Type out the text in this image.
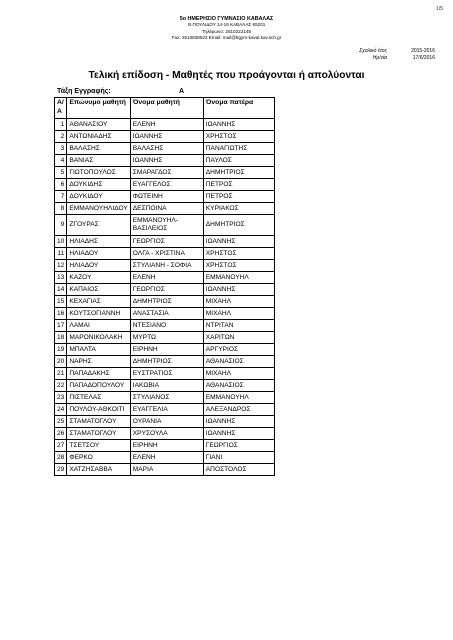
1/5
5ο ΗΜΕΡΗΣΙΟ ΓΥΜΝΑΣΙΟ ΚΑΒΑΛΑΣ
Θ.ΠΟΥΛΙΔΟΥ 14-16 ΚΑΒΑΛΑΣ 65201
Τηλέφωνο: 2510222148
Fax: 2510838622 Email: mail@5gym-kaval.kav.sch.gr
Σχολικό έτος	2015-2016
Ημ/νία	17/6/2016
Τελική επίδοση - Μαθητές που προάγονται ή απολύονται
Τάξη Εγγραφής:	A
Α/Α	Επώνυμο μαθητή	Όνομα μαθητή	Όνομα πατέρα
1	ΑΘΑΝΑΣΙΟΥ	ΕΛΕΝΗ	ΙΩΑΝΝΗΣ
2	ΑΝΤΩΝΙΑΔΗΣ	ΙΩΑΝΝΗΣ	ΧΡΗΣΤΟΣ
3	ΒΑΛΑΣΗΣ	ΒΑΛΑΣΗΣ	ΠΑΝΑΓΙΩΤΗΣ
4	ΒΑΝΙΑΣ	ΙΩΑΝΝΗΣ	ΠΑΥΛΟΣ
5	ΓΙΩΤΟΠΟΥΛΟΣ	ΣΜΑΡΑΓΔΟΣ	ΔΗΜΗΤΡΙΟΣ
6	ΔΟΥΚΙΔΗΣ	ΕΥΑΓΓΕΛΟΣ	ΠΕΤΡΟΣ
7	ΔΟΥΚΙΔΟΥ	ΦΩΤΕΙΝΗ	ΠΕΤΡΟΣ
8	ΕΜΜΑΝΟΥΗΛΙΔΟΥ	ΔΕΣΠΟΙΝΑ	ΚΥΡΙΑΚΟΣ
9	ΖΓΟΥΡΑΣ	ΕΜΜΑΝΟΥΗΛ-ΒΑΣΙΛΕΙΟΣ	ΔΗΜΗΤΡΙΟΣ
10	ΗΛΙΑΔΗΣ	ΓΕΩΡΓΙΟΣ	ΙΩΑΝΝΗΣ
11	ΗΛΙΑΔΟΥ	ΟΛΓΑ - ΧΡΙΣΤΙΝΑ	ΧΡΗΣΤΟΣ
12	ΗΛΙΑΔΟΥ	ΣΤΥΛΙΑΝΗ - ΣΟΦΙΑ	ΧΡΗΣΤΟΣ
13	ΚΑΖΟΥ	ΕΛΕΝΗ	ΕΜΜΑΝΟΥΗΛ
14	ΚΑΠΑΙΟΣ	ΓΕΩΡΓΙΟΣ	ΙΩΑΝΝΗΣ
15	ΚΕΧΑΓΙΑΣ	ΔΗΜΗΤΡΙΟΣ	ΜΙΧΑΗΛ
16	ΚΟΥΤΣΟΓΙΑΝΝΗ	ΑΝΑΣΤΑΣΙΑ	ΜΙΧΑΗΛ
17	ΛΑΜΑΙ	ΝΤΕΣΙΑΝΟ	ΝΤΡΙΤΑΝ
18	ΜΑΡΟΝΙΚΟΛΑΚΗ	ΜΥΡΤΩ	ΧΑΡΙΤΩΝ
19	ΜΠΑΛΤΑ	ΕΙΡΗΝΗ	ΑΡΓΥΡΙΟΣ
20	ΝΑΡΗΣ	ΔΗΜΗΤΡΙΟΣ	ΑΘΑΝΑΣΙΟΣ
21	ΠΑΠΑΔΑΚΗΣ	ΕΥΣΤΡΑΤΙΟΣ	ΜΙΧΑΗΛ
22	ΠΑΠΑΔΟΠΟΥΛΟΥ	ΙΑΚΩΒΙΑ	ΑΘΑΝΑΣΙΟΣ
23	ΠΙΣΤΕΛΑΣ	ΣΤΥΛΙΑΝΟΣ	ΕΜΜΑΝΟΥΗΛ
24	ΠΟΥΛΟΥ-ΑΘΚΟΙΤΙ	ΕΥΑΓΓΕΛΙΑ	ΑΛΕΞΑΝΔΡΟΣ
25	ΣΤΑΜΑΤΟΓΛΟΥ	ΟΥΡΑΝΙΑ	ΙΩΑΝΝΗΣ
26	ΣΤΑΜΑΤΟΓΛΟΥ	ΧΡΥΣΟΥΛΑ	ΙΩΑΝΝΗΣ
27	ΤΣΕΤΣΟΥ	ΕΙΡΗΝΗ	ΓΕΩΡΓΙΟΣ
28	ΦΕΡΚΟ	ΕΛΕΝΗ	ΓΙΑΝΙ
29	ΧΑΤΖΗΣΑΒΒΑ	ΜΑΡΙΑ	ΑΠΟΣΤΟΛΟΣ
